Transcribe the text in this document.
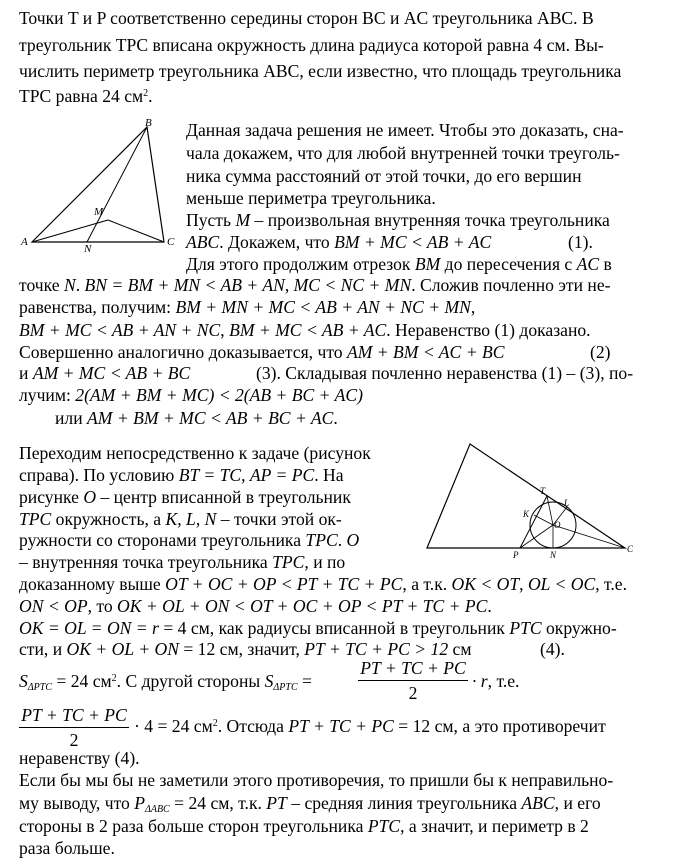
Точки T и P соответственно середины сторон BC и AC треугольника ABC. В
треугольник TPC вписана окружность длина радиуса которой равна 4 см. Вы-
числить периметр треугольника ABC, если известно, что площадь треугольника
TPC равна 24 $см^2$.
B
M
A
N
C
Данная задача решения не имеет. Чтобы это доказать, сна-
чала докажем, что для любой внутренней точки треуголь-
ника сумма расстояний от этой точки, до его вершин
меньше периметра треугольника.
Пусть M – произвольная внутренняя точка треугольника
ABC. Докажем, что BM + MC < AB + AC	(1).
Для этого продолжим отрезок BM до пересечения с AC в
точке N. BN = BM + MN < AB + AN, MC < NC + MN. Сложив почленно эти не-
равенства, получим: BM + MN + MC < AB + AN + NC + MN,
BM + MC < AB + AN + NC, BM + MC < AB + AC. Неравенство (1) доказано.
Совершенно аналогично доказывается, что AM + BM < AC + BC	(2)
и AM + MC < AB + BC	(3). Складывая почленно неравенства (1) – (3), по-
лучим: 2(AM + BM + MC) < 2(AB + BC + AC)
или AM + BM + MC < AB + BC + AC.
T
L
K
O
P	N
C
Переходим непосредственно к задаче (рисунок
справа). По условию BT = TC, AP = PC. На
рисунке O – центр вписанной в треугольник
TPC окружность, а K, L, N – точки этой ок-
ружности со сторонами треугольника TPC. O
– внутренняя точка треугольника TPC, и по
доказанному выше OT + OC + OP < PT + TC + PC, а т.к. OK < OT, OL < OC, т.е.
ON < OP, то OK + OL + ON < OT + OC + OP < PT + TC + PC.
OK = OL = ON = r = 4 см, как радиусы вписанной в треугольник PTC окружно-
сти, и OK + OL + ON = 12 см, значит, PT + TC + PC > 12 см	(4).
$S_{\Delta PTC} = 24$ $см^2$. С другой стороны $S_{\Delta PTC}$ =
PT + TC + PC
2
· r, т.е.
PT + TC + PC
2
· 4 = 24 $см^2$. Отсюда PT + TC + PC = 12 см, а это противоречит
неравенству (4).
Если бы мы бы не заметили этого противоречия, то пришли бы к неправильно-
му выводу, что $P_{\Delta ABC} = 24$ см, т.к. PT – средняя линия треугольника ABC, и его
стороны в 2 раза больше сторон треугольника PTC, а значит, и периметр в 2
раза больше.
